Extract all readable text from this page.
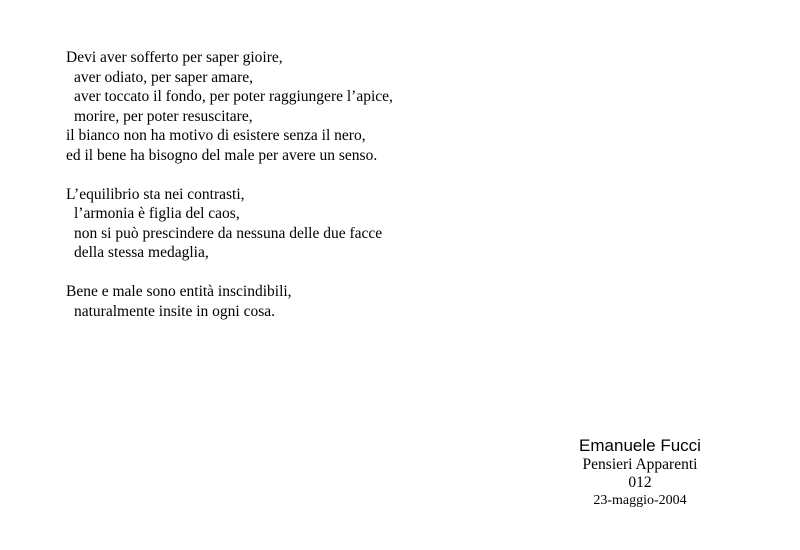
Devi aver sofferto per saper gioire,
aver odiato, per saper amare,
aver toccato il fondo, per poter raggiungere l’apice,
morire, per poter resuscitare,
il bianco non ha motivo di esistere senza il nero,
ed il bene ha bisogno del male per avere un senso.
L’equilibrio sta nei contrasti,
l’armonia è figlia del caos,
non si può prescindere da nessuna delle due facce
della stessa medaglia,
Bene e male sono entità inscindibili,
naturalmente insite in ogni cosa.
Emanuele Fucci
Pensieri Apparenti
012
23-maggio-2004
